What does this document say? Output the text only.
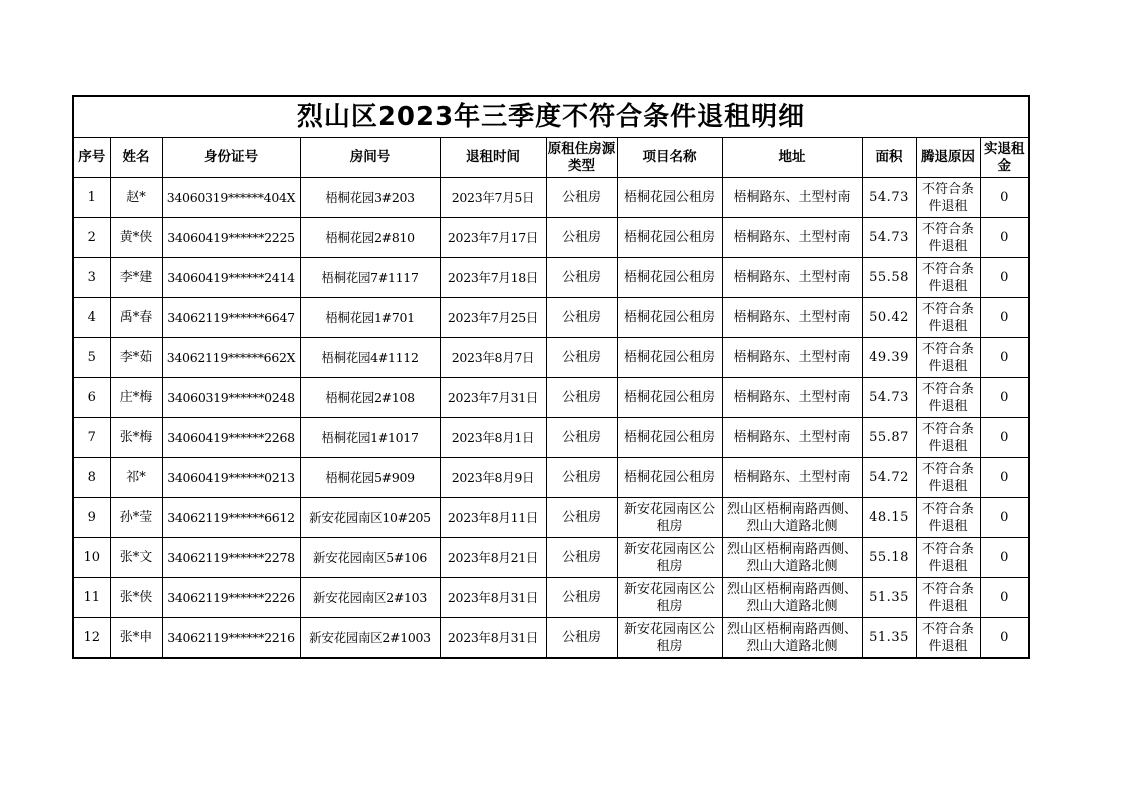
烈山区2023年三季度不符合条件退租明细
序号	姓名	身份证号	房间号	退租时间	原租住房源类型	项目名称	地址	面积	腾退原因	实退租金
1	赵*	34060319******404X	梧桐花园3#203	2023年7月5日	公租房	梧桐花园公租房	梧桐路东、土型村南	54.73	不符合条件退租	0
2	黄*侠	34060419******2225	梧桐花园2#810	2023年7月17日	公租房	梧桐花园公租房	梧桐路东、土型村南	54.73	不符合条件退租	0
3	李*建	34060419******2414	梧桐花园7#1117	2023年7月18日	公租房	梧桐花园公租房	梧桐路东、土型村南	55.58	不符合条件退租	0
4	禹*春	34062119******6647	梧桐花园1#701	2023年7月25日	公租房	梧桐花园公租房	梧桐路东、土型村南	50.42	不符合条件退租	0
5	李*茹	34062119******662X	梧桐花园4#1112	2023年8月7日	公租房	梧桐花园公租房	梧桐路东、土型村南	49.39	不符合条件退租	0
6	庄*梅	34060319******0248	梧桐花园2#108	2023年7月31日	公租房	梧桐花园公租房	梧桐路东、土型村南	54.73	不符合条件退租	0
7	张*梅	34060419******2268	梧桐花园1#1017	2023年8月1日	公租房	梧桐花园公租房	梧桐路东、土型村南	55.87	不符合条件退租	0
8	祁*	34060419******0213	梧桐花园5#909	2023年8月9日	公租房	梧桐花园公租房	梧桐路东、土型村南	54.72	不符合条件退租	0
9	孙*莹	34062119******6612	新安花园南区10#205	2023年8月11日	公租房	新安花园南区公租房	烈山区梧桐南路西侧、烈山大道路北侧	48.15	不符合条件退租	0
10	张*文	34062119******2278	新安花园南区5#106	2023年8月21日	公租房	新安花园南区公租房	烈山区梧桐南路西侧、烈山大道路北侧	55.18	不符合条件退租	0
11	张*侠	34062119******2226	新安花园南区2#103	2023年8月31日	公租房	新安花园南区公租房	烈山区梧桐南路西侧、烈山大道路北侧	51.35	不符合条件退租	0
12	张*申	34062119******2216	新安花园南区2#1003	2023年8月31日	公租房	新安花园南区公租房	烈山区梧桐南路西侧、烈山大道路北侧	51.35	不符合条件退租	0
